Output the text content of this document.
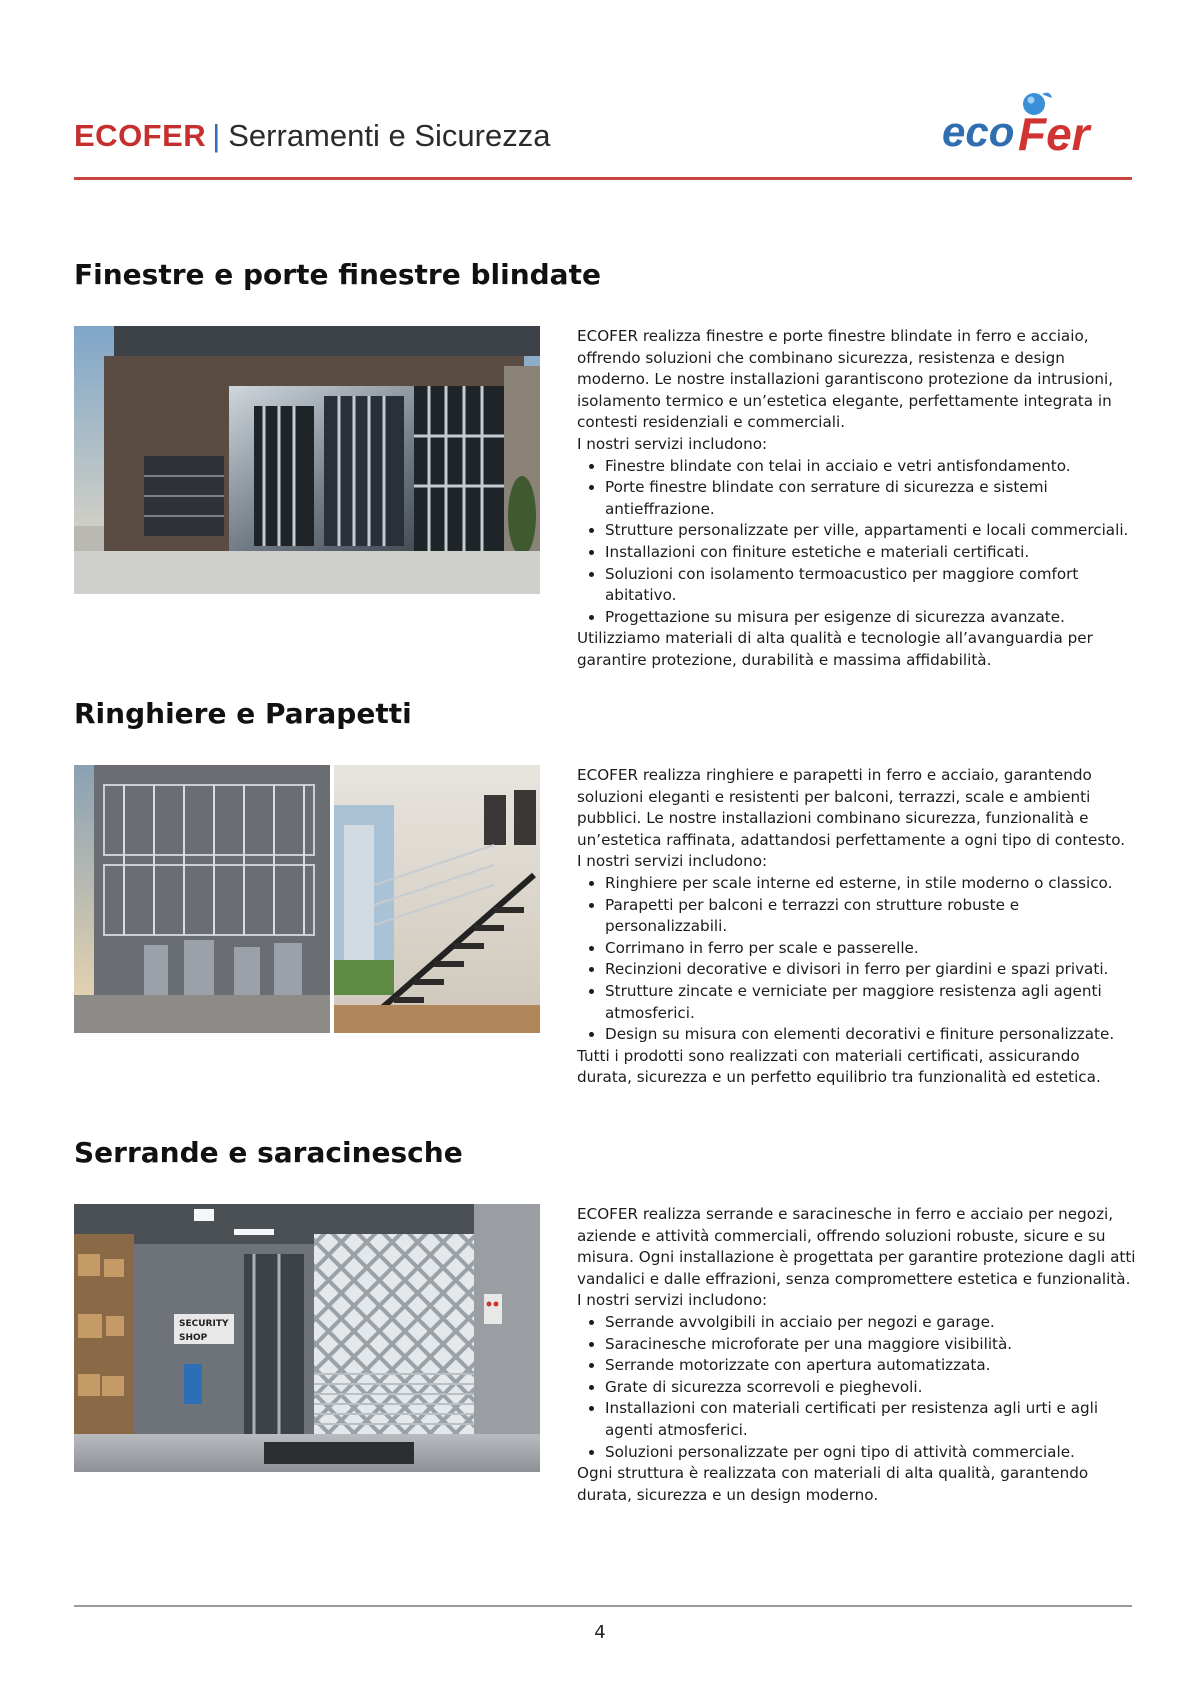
ECOFER | Serramenti e Sicurezza	eco Fer
Finestre e porte finestre blindate

ECOFER realizza finestre e porte finestre blindate in ferro e acciaio, offrendo soluzioni che combinano sicurezza, resistenza e design moderno. Le nostre installazioni garantiscono protezione da intrusioni, isolamento termico e un’estetica elegante, perfettamente integrata in contesti residenziali e commerciali.

I nostri servizi includono:

• Finestre blindate con telai in acciaio e vetri antisfondamento.
• Porte finestre blindate con serrature di sicurezza e sistemi antieffrazione.
• Strutture personalizzate per ville, appartamenti e locali commerciali.
• Installazioni con finiture estetiche e materiali certificati.
• Soluzioni con isolamento termoacustico per maggiore comfort abitativo.
• Progettazione su misura per esigenze di sicurezza avanzate.

Utilizziamo materiali di alta qualità e tecnologie all’avanguardia per garantire protezione, durabilità e massima affidabilità.

Ringhiere e Parapetti

ECOFER realizza ringhiere e parapetti in ferro e acciaio, garantendo soluzioni eleganti e resistenti per balconi, terrazzi, scale e ambienti pubblici. Le nostre installazioni combinano sicurezza, funzionalità e un’estetica raffinata, adattandosi perfettamente a ogni tipo di contesto.

I nostri servizi includono:

• Ringhiere per scale interne ed esterne, in stile moderno o classico.
• Parapetti per balconi e terrazzi con strutture robuste e personalizzabili.
• Corrimano in ferro per scale e passerelle.
• Recinzioni decorative e divisori in ferro per giardini e spazi privati.
• Strutture zincate e verniciate per maggiore resistenza agli agenti atmosferici.
• Design su misura con elementi decorativi e finiture personalizzate.

Tutti i prodotti sono realizzati con materiali certificati, assicurando durata, sicurezza e un perfetto equilibrio tra funzionalità ed estetica.

Serrande e saracinesche
SECURITY
SHOP

ECOFER realizza serrande e saracinesche in ferro e acciaio per negozi, aziende e attività commerciali, offrendo soluzioni robuste, sicure e su misura. Ogni installazione è progettata per garantire protezione dagli atti vandalici e dalle effrazioni, senza compromettere estetica e funzionalità.

I nostri servizi includono:

• Serrande avvolgibili in acciaio per negozi e garage.
• Saracinesche microforate per una maggiore visibilità.
• Serrande motorizzate con apertura automatizzata.
• Grate di sicurezza scorrevoli e pieghevoli.
• Installazioni con materiali certificati per resistenza agli urti e agli agenti atmosferici.
• Soluzioni personalizzate per ogni tipo di attività commerciale.

Ogni struttura è realizzata con materiali di alta qualità, garantendo durata, sicurezza e un design moderno.

4
